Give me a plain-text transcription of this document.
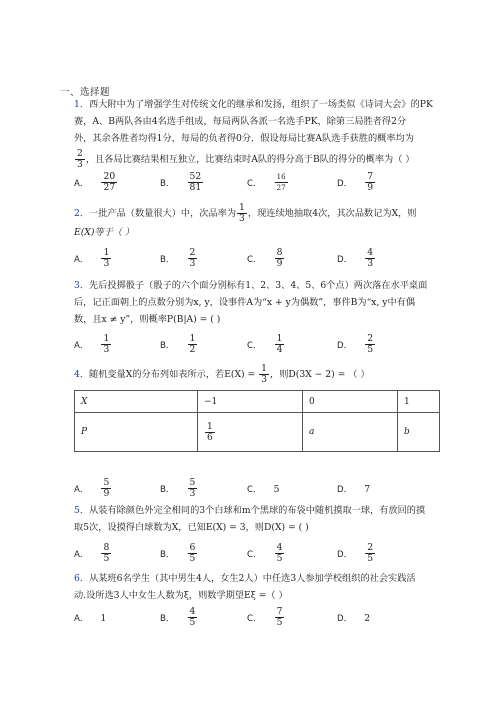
一、选择题
1．西大附中为了增强学生对传统文化的继承和发扬，组织了一场类似《诗词大会》的PK
赛，A、B两队各由4名选手组成，每局两队各派一名选手PK，除第三局胜者得2分
外，其余各胜者均得1分，每局的负者得0分．假设每局比赛A队选手获胜的概率均为
$\frac{2}{3}$ ，且各局比赛结果相互独立，比赛结束时A队的得分高于B队的得分的概率为（ ）
A． $\frac{20}{27}$	B． $\frac{52}{81}$	C． $\frac{16}{27}$	D． $\frac{7}{9}$
2．一批产品（数量很大）中，次品率为 $\frac{1}{3}$ ，现连续地抽取4次，其次品数记为X，则
E(X)等于（ ）
A． $\frac{1}{3}$	B． $\frac{2}{3}$	C． $\frac{8}{9}$	D． $\frac{4}{3}$
3．先后投掷骰子（骰子的六个面分别标有1、2、3、4、5、6个点）两次落在水平桌面
后，记正面朝上的点数分别为x, y，设事件A为“x + y为偶数”，事件B为“x, y中有偶
数，且x ≠ y”，则概率P(B|A) = ( )
A． $\frac{1}{3}$	B． $\frac{1}{2}$	C． $\frac{1}{4}$	D． $\frac{2}{5}$
4．随机变量X的分布列如表所示，若$E(X) = \frac{1}{3}$ ，则D(3X − 2) = （ ）
X	−1	0	1
P	$\frac{1}{6}$	a	b
A． $\frac{5}{9}$	B． $\frac{5}{3}$	C． 5	D． 7
5．从装有除颜色外完全相同的3个白球和m个黑球的布袋中随机摸取一球，有放回的摸
取5次，设摸得白球数为X，已知E(X) = 3，则D(X) = ( )
A． $\frac{8}{5}$	B． $\frac{6}{5}$	C． $\frac{4}{5}$	D． $\frac{2}{5}$
6．从某班6名学生（其中男生4人，女生2人）中任选3人参加学校组织的社会实践活
动.设所选3人中女生人数为ξ，则数学期望Eξ =（ ）
A． 1	B． $\frac{4}{5}$	C． $\frac{7}{5}$	D． 2
